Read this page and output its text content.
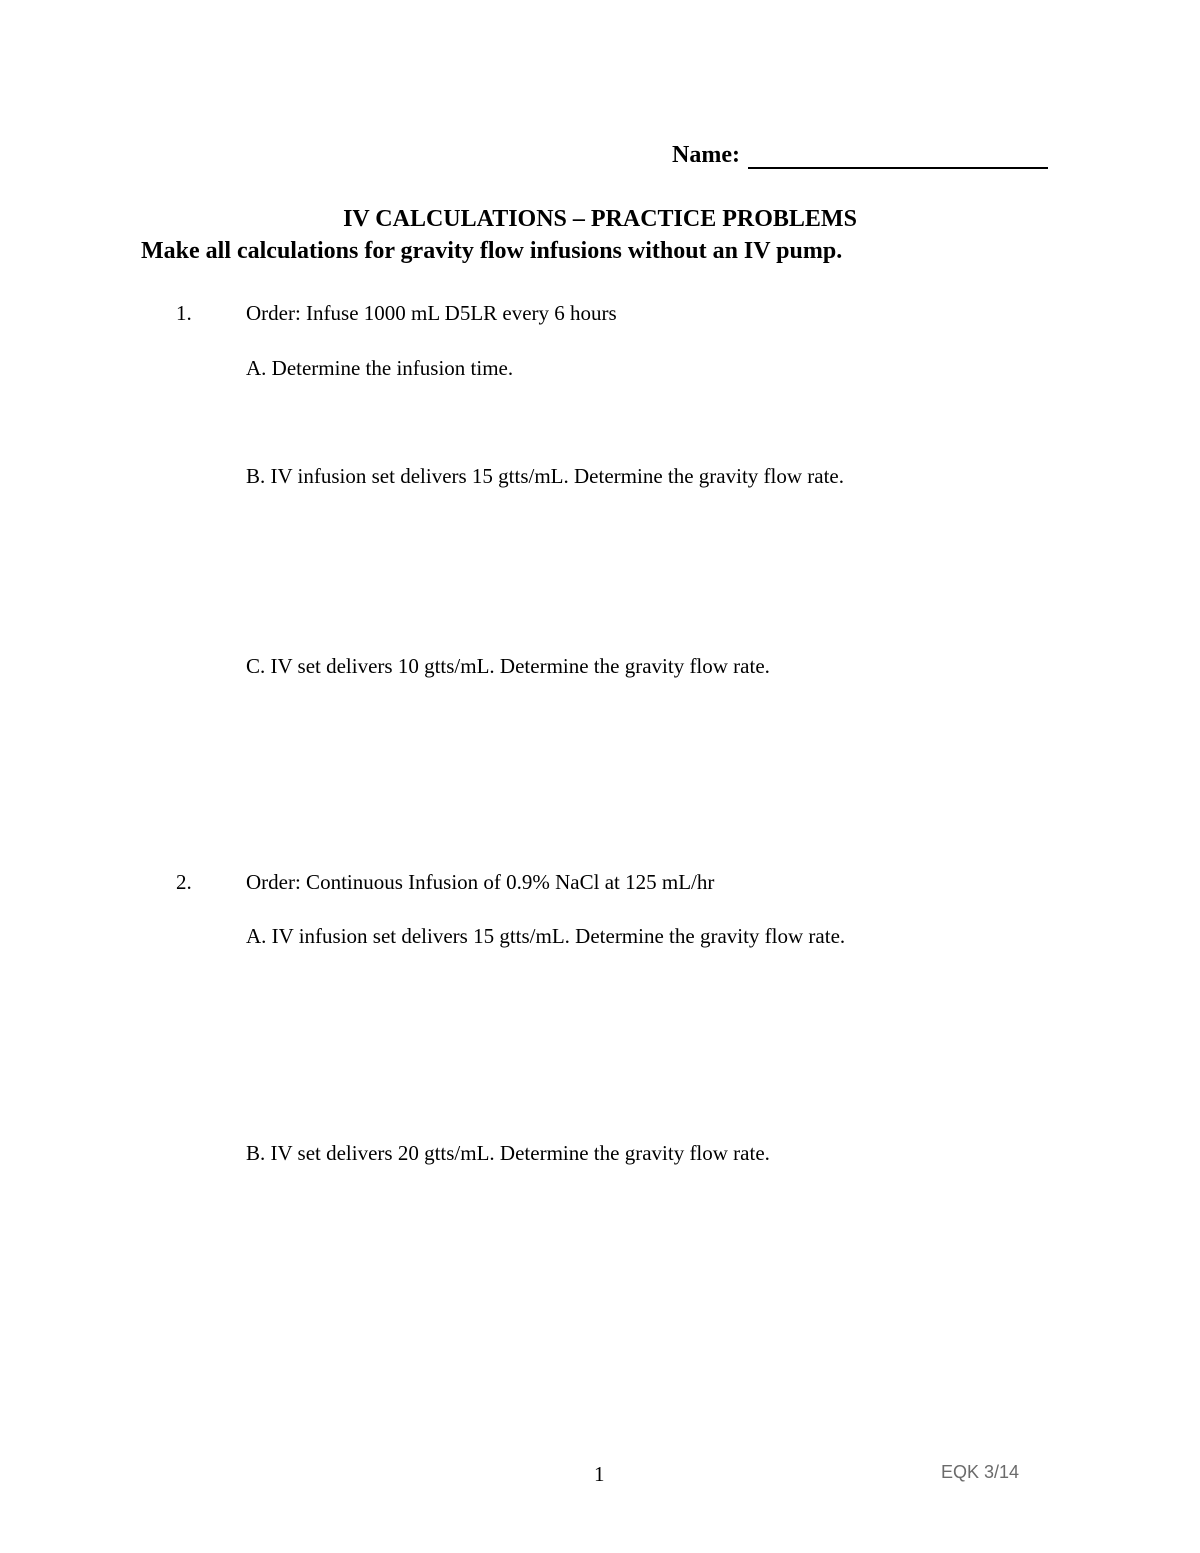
Name:
IV CALCULATIONS – PRACTICE PROBLEMS
Make all calculations for gravity flow infusions without an IV pump.
1.	Order: Infuse 1000 mL D5LR every 6 hours
A. Determine the infusion time.
B. IV infusion set delivers 15 gtts/mL. Determine the gravity flow rate.
C. IV set delivers 10 gtts/mL. Determine the gravity flow rate.
2.	Order: Continuous Infusion of 0.9% NaCl at 125 mL/hr
A. IV infusion set delivers 15 gtts/mL. Determine the gravity flow rate.
B. IV set delivers 20 gtts/mL. Determine the gravity flow rate.
1	EQK 3/14
